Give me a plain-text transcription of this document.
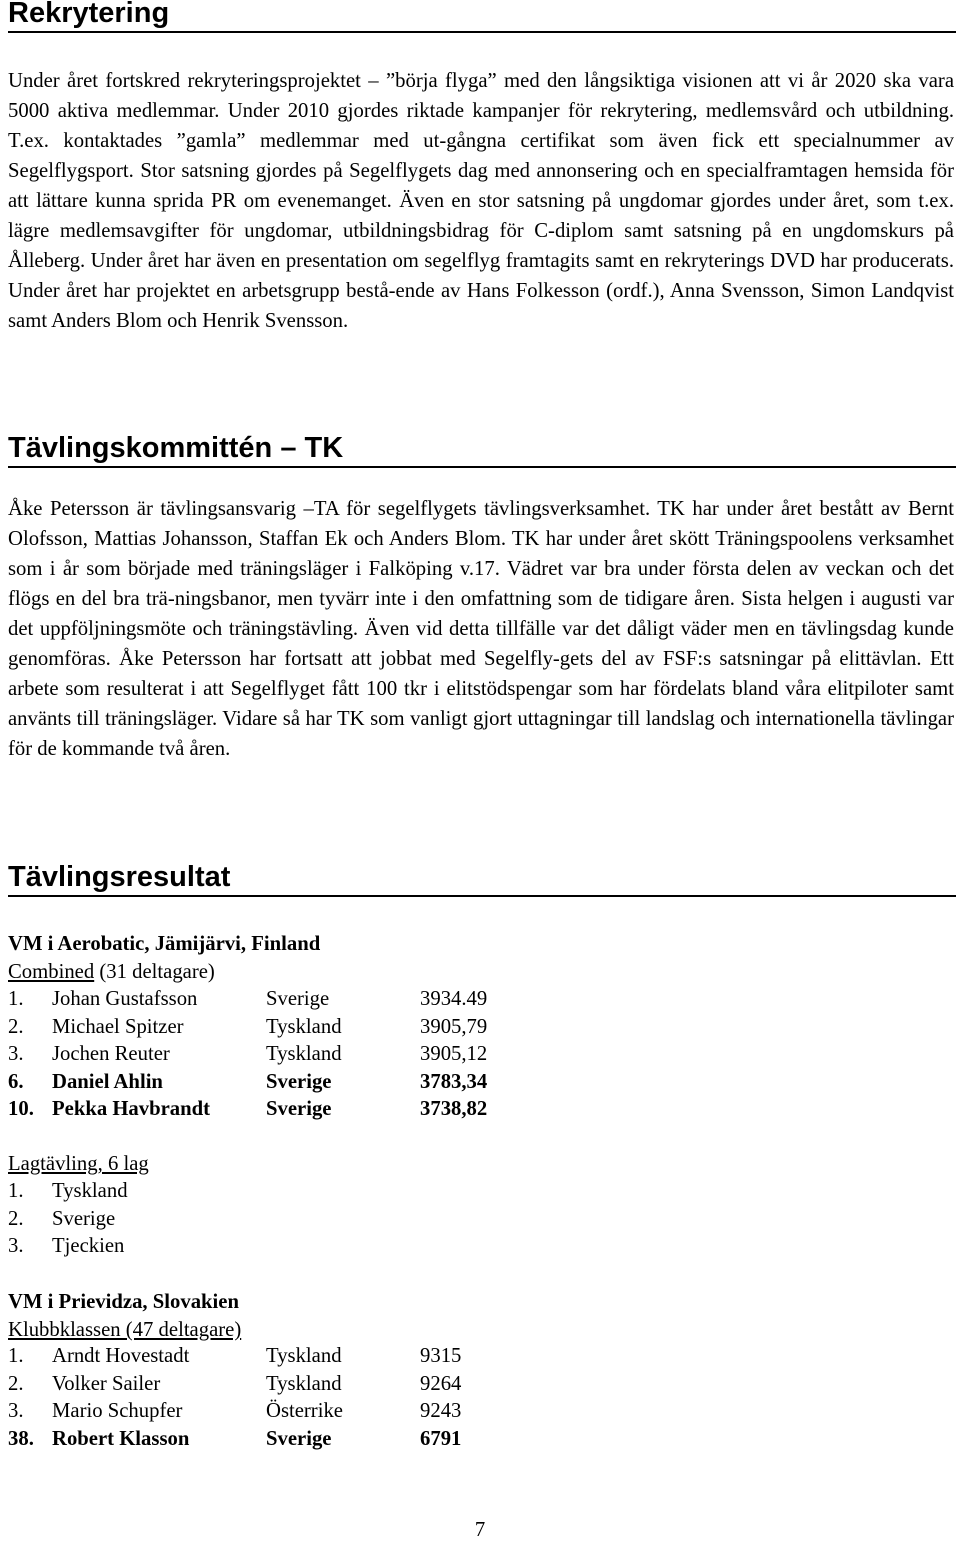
Rekrytering

Under året fortskred rekryteringsprojektet – ”börja flyga” med den långsiktiga visionen att vi år 2020 ska vara 5000 aktiva medlemmar. Under 2010 gjordes riktade kampanjer för rekrytering, medlemsvård och utbildning. T.ex. kontaktades ”gamla” medlemmar med ut-gångna certifikat som även fick ett specialnummer av Segelflygsport. Stor satsning gjordes på Segelflygets dag med annonsering och en specialframtagen hemsida för att lättare kunna sprida PR om evenemanget. Även en stor satsning på ungdomar gjordes under året, som t.ex. lägre medlemsavgifter för ungdomar, utbildningsbidrag för C-diplom samt satsning på en ungdomskurs på Ålleberg. Under året har även en presentation om segelflyg framtagits samt en rekryterings DVD har producerats. Under året har projektet en arbetsgrupp bestå-ende av Hans Folkesson (ordf.), Anna Svensson, Simon Landqvist samt Anders Blom och Henrik Svensson.

Tävlingskommittén – TK

Åke Petersson är tävlingsansvarig –TA för segelflygets tävlingsverksamhet. TK har under året bestått av Bernt Olofsson, Mattias Johansson, Staffan Ek och Anders Blom. TK har under året skött Träningspoolens verksamhet som i år som började med träningsläger i Falköping v.17. Vädret var bra under första delen av veckan och det flögs en del bra trä-ningsbanor, men tyvärr inte i den omfattning som de tidigare åren. Sista helgen i augusti var det uppföljningsmöte och träningstävling. Även vid detta tillfälle var det dåligt väder men en tävlingsdag kunde genomföras. Åke Petersson har fortsatt att jobbat med Segelfly-gets del av FSF:s satsningar på elittävlan. Ett arbete som resulterat i att Segelflyget fått 100 tkr i elitstödspengar som har fördelats bland våra elitpiloter samt använts till träningsläger. Vidare så har TK som vanligt gjort uttagningar till landslag och internationella tävlingar för de kommande två åren.

Tävlingsresultat
VM i Aerobatic, Jämijärvi, Finland
Combined (31 deltagare)
1. Johan Gustafsson	Sverige	3934.49
2. Michael Spitzer	Tyskland	3905,79
3. Jochen Reuter	Tyskland	3905,12
6. Daniel Ahlin	Sverige	3783,34
10. Pekka Havbrandt	Sverige	3738,82
Lagtävling, 6 lag
1. Tyskland
2. Sverige
3. Tjeckien
VM i Prievidza, Slovakien
Klubbklassen (47 deltagare)
1. Arndt Hovestadt	Tyskland	9315
2. Volker Sailer	Tyskland	9264
3. Mario Schupfer	Österrike	9243
38. Robert Klasson	Sverige	6791
7
